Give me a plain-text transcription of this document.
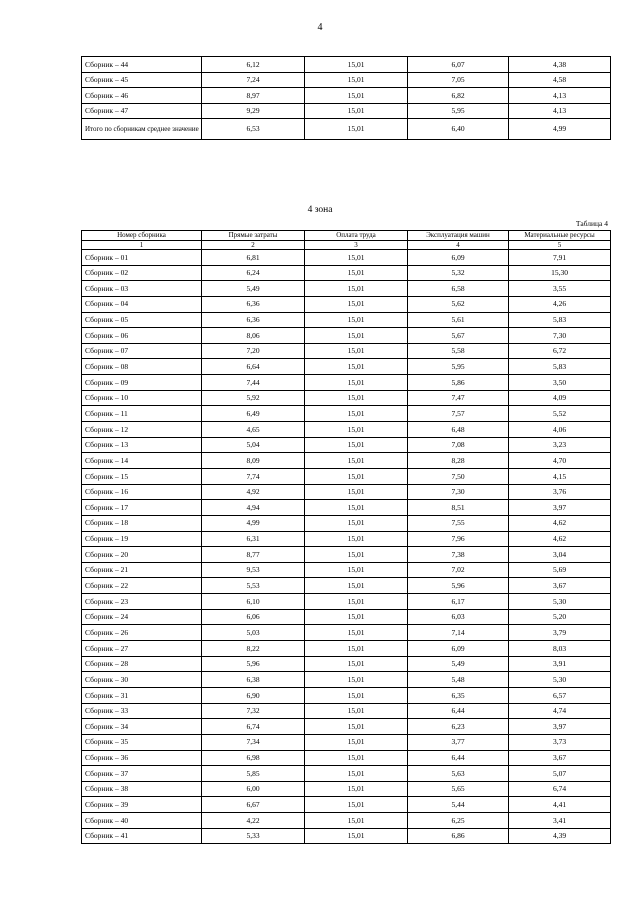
4
Сборник – 44	6,12	15,01	6,07	4,38
Сборник – 45	7,24	15,01	7,05	4,58
Сборник – 46	8,97	15,01	6,82	4,13
Сборник – 47	9,29	15,01	5,95	4,13
Итого по сборникам среднее значение	6,53	15,01	6,40	4,99
4 зона
Таблица 4
Номер сборника	Прямые затраты	Оплата труда	Эксплуатация машин	Материальные ресурсы
1	2	3	4	5
Сборник – 01	6,81	15,01	6,09	7,91
Сборник – 02	6,24	15,01	5,32	15,30
Сборник – 03	5,49	15,01	6,58	3,55
Сборник – 04	6,36	15,01	5,62	4,26
Сборник – 05	6,36	15,01	5,61	5,83
Сборник – 06	8,06	15,01	5,67	7,30
Сборник – 07	7,20	15,01	5,58	6,72
Сборник – 08	6,64	15,01	5,95	5,83
Сборник – 09	7,44	15,01	5,86	3,50
Сборник – 10	5,92	15,01	7,47	4,09
Сборник – 11	6,49	15,01	7,57	5,52
Сборник – 12	4,65	15,01	6,48	4,06
Сборник – 13	5,04	15,01	7,08	3,23
Сборник – 14	8,09	15,01	8,28	4,70
Сборник – 15	7,74	15,01	7,50	4,15
Сборник – 16	4,92	15,01	7,30	3,76
Сборник – 17	4,94	15,01	8,51	3,97
Сборник – 18	4,99	15,01	7,55	4,62
Сборник – 19	6,31	15,01	7,96	4,62
Сборник – 20	8,77	15,01	7,38	3,04
Сборник – 21	9,53	15,01	7,02	5,69
Сборник – 22	5,53	15,01	5,96	3,67
Сборник – 23	6,10	15,01	6,17	5,30
Сборник – 24	6,06	15,01	6,03	5,20
Сборник – 26	5,03	15,01	7,14	3,79
Сборник – 27	8,22	15,01	6,09	8,03
Сборник – 28	5,96	15,01	5,49	3,91
Сборник – 30	6,38	15,01	5,48	5,30
Сборник – 31	6,90	15,01	6,35	6,57
Сборник – 33	7,32	15,01	6,44	4,74
Сборник – 34	6,74	15,01	6,23	3,97
Сборник – 35	7,34	15,01	3,77	3,73
Сборник – 36	6,98	15,01	6,44	3,67
Сборник – 37	5,85	15,01	5,63	5,07
Сборник – 38	6,00	15,01	5,65	6,74
Сборник – 39	6,67	15,01	5,44	4,41
Сборник – 40	4,22	15,01	6,25	3,41
Сборник – 41	5,33	15,01	6,86	4,39
